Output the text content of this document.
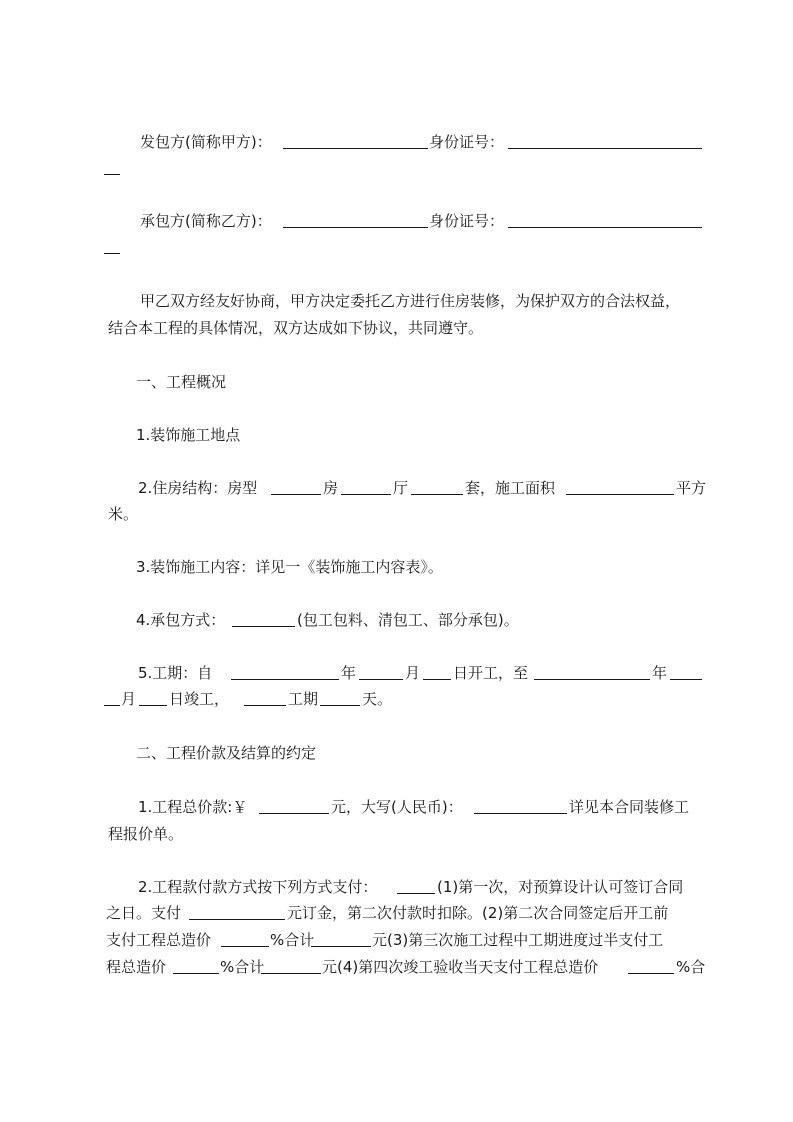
发包方(简称甲方)：	身份证号：
承包方(简称乙方)：	身份证号：
甲乙双方经友好协商，甲方决定委托乙方进行住房装修，为保护双方的合法权益，
结合本工程的具体情况，双方达成如下协议，共同遵守。
一、工程概况
1.装饰施工地点
2.住房结构：房型	房	厅	套，施工面积	平方
米。
3.装饰施工内容：详见一《装饰施工内容表》。
4.承包方式：	(包工包料、清包工、部分承包)。
5.工期：自	年	月 日开工，至	年
月 日竣工，	工期	天。
二、工程价款及结算的约定
1.工程总价款:￥	元，大写(人民币)：	详见本合同装修工
程报价单。
2.工程款付款方式按下列方式支付：	(1)第一次，对预算设计认可签订合同
之日。支付	元订金，第二次付款时扣除。(2)第二次合同签定后开工前
支付工程总造价	%合计	元(3)第三次施工过程中工期进度过半支付工
程总造价	%合计	元(4)第四次竣工验收当天支付工程总造价	%合
